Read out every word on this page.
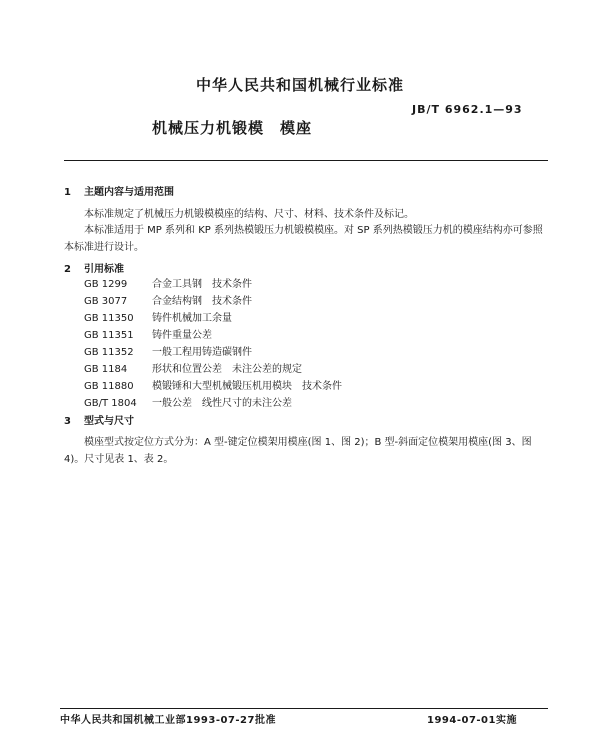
中华人民共和国机械行业标准
JB/T 6962.1—93
机械压力机锻模　模座
1 主题内容与适用范围
本标准规定了机械压力机锻模模座的结构、尺寸、材料、技术条件及标记。
本标准适用于 MP 系列和 KP 系列热模锻压力机锻模模座。对 SP 系列热模锻压力机的模座结构亦可参照本标准进行设计。
2 引用标准
GB 1299 合金工具钢　技术条件
GB 3077 合金结构钢　技术条件
GB 11350 铸件机械加工余量
GB 11351 铸件重量公差
GB 11352 一般工程用铸造碳钢件
GB 1184 形状和位置公差　未注公差的规定
GB 11880 模锻锤和大型机械锻压机用模块　技术条件
GB/T 1804 一般公差　线性尺寸的未注公差
3 型式与尺寸
模座型式按定位方式分为：A 型-键定位模架用模座(图 1、图 2)；B 型-斜面定位模架用模座(图 3、图 4)。尺寸见表 1、表 2。
中华人民共和国机械工业部1993-07-27批准	1994-07-01实施
